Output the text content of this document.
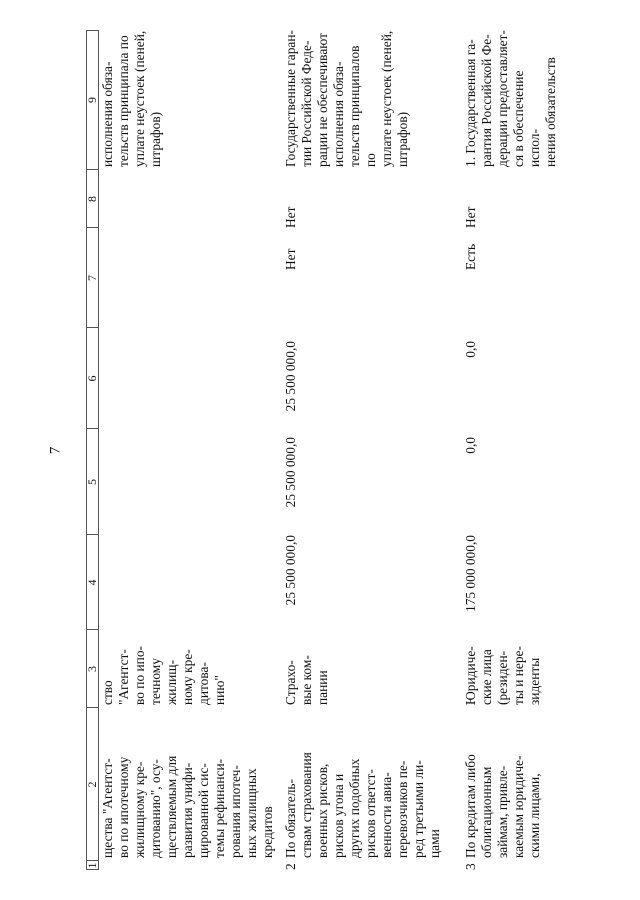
7
1
2
3
4
5
6
7
8
9
щества "Агентст-
во по ипотечному
жилищному кре-
дитованию", осу-
ществляемым для
развития унифи-
цированной сис-
темы рефинанси-
рования ипотеч-
ных жилищных
кредитов
ство
"Агентст-
во по ипо-
течному
жилищ-
ному кре-
дитова-
нию"
исполнения обяза-
тельств принципала по
уплате неустоек (пеней,
штрафов)
2
По обязатель-
ствам страхования
военных рисков,
рисков угона и
других подобных
рисков ответст-
венности авиа-
перевозчиков пе-
ред третьими ли-
цами
Страхо-
вые ком-
пании
25 500 000,0
25 500 000,0
25 500 000,0
Нет
Нет
Государственные гаран-
тии Российской Феде-
рации не обеспечивают
исполнения обяза-
тельств принципалов по
уплате неустоек (пеней,
штрафов)
3
По кредитам либо
облигационным
займам, привле-
каемым юридиче-
скими лицами,
Юридиче-
ские лица
(резиден-
ты и нере-
зиденты
175 000 000,0
0,0
0,0
Есть
Нет
1. Государственная га-
рантия Российской Фе-
дерации предоставляет-
ся в обеспечение испол-
нения обязательств
